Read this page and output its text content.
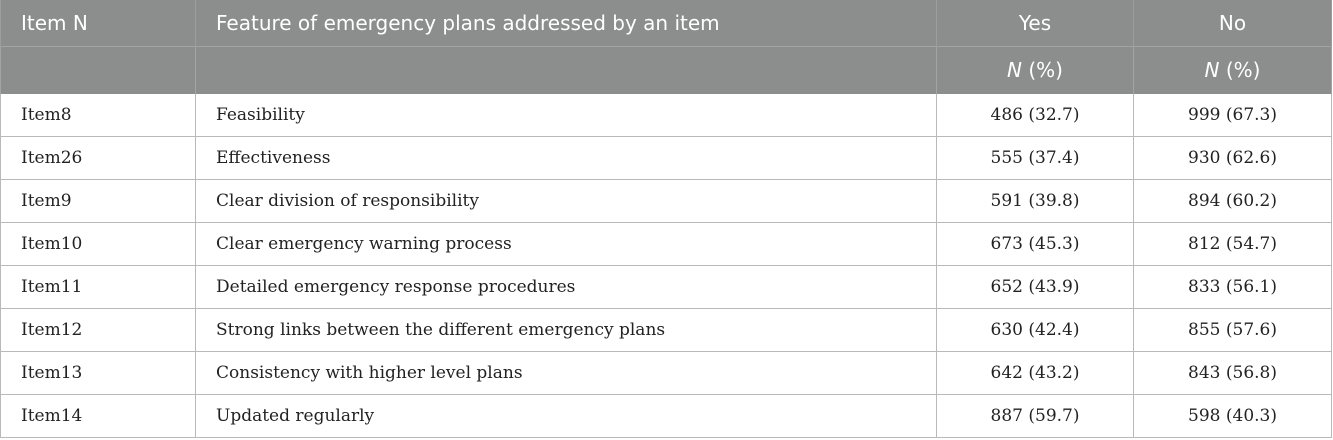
Item N	Feature of emergency plans addressed by an item	Yes	No
		N (%)	N (%)
Item8	Feasibility	486 (32.7)	999 (67.3)
Item26	Effectiveness	555 (37.4)	930 (62.6)
Item9	Clear division of responsibility	591 (39.8)	894 (60.2)
Item10	Clear emergency warning process	673 (45.3)	812 (54.7)
Item11	Detailed emergency response procedures	652 (43.9)	833 (56.1)
Item12	Strong links between the different emergency plans	630 (42.4)	855 (57.6)
Item13	Consistency with higher level plans	642 (43.2)	843 (56.8)
Item14	Updated regularly	887 (59.7)	598 (40.3)
